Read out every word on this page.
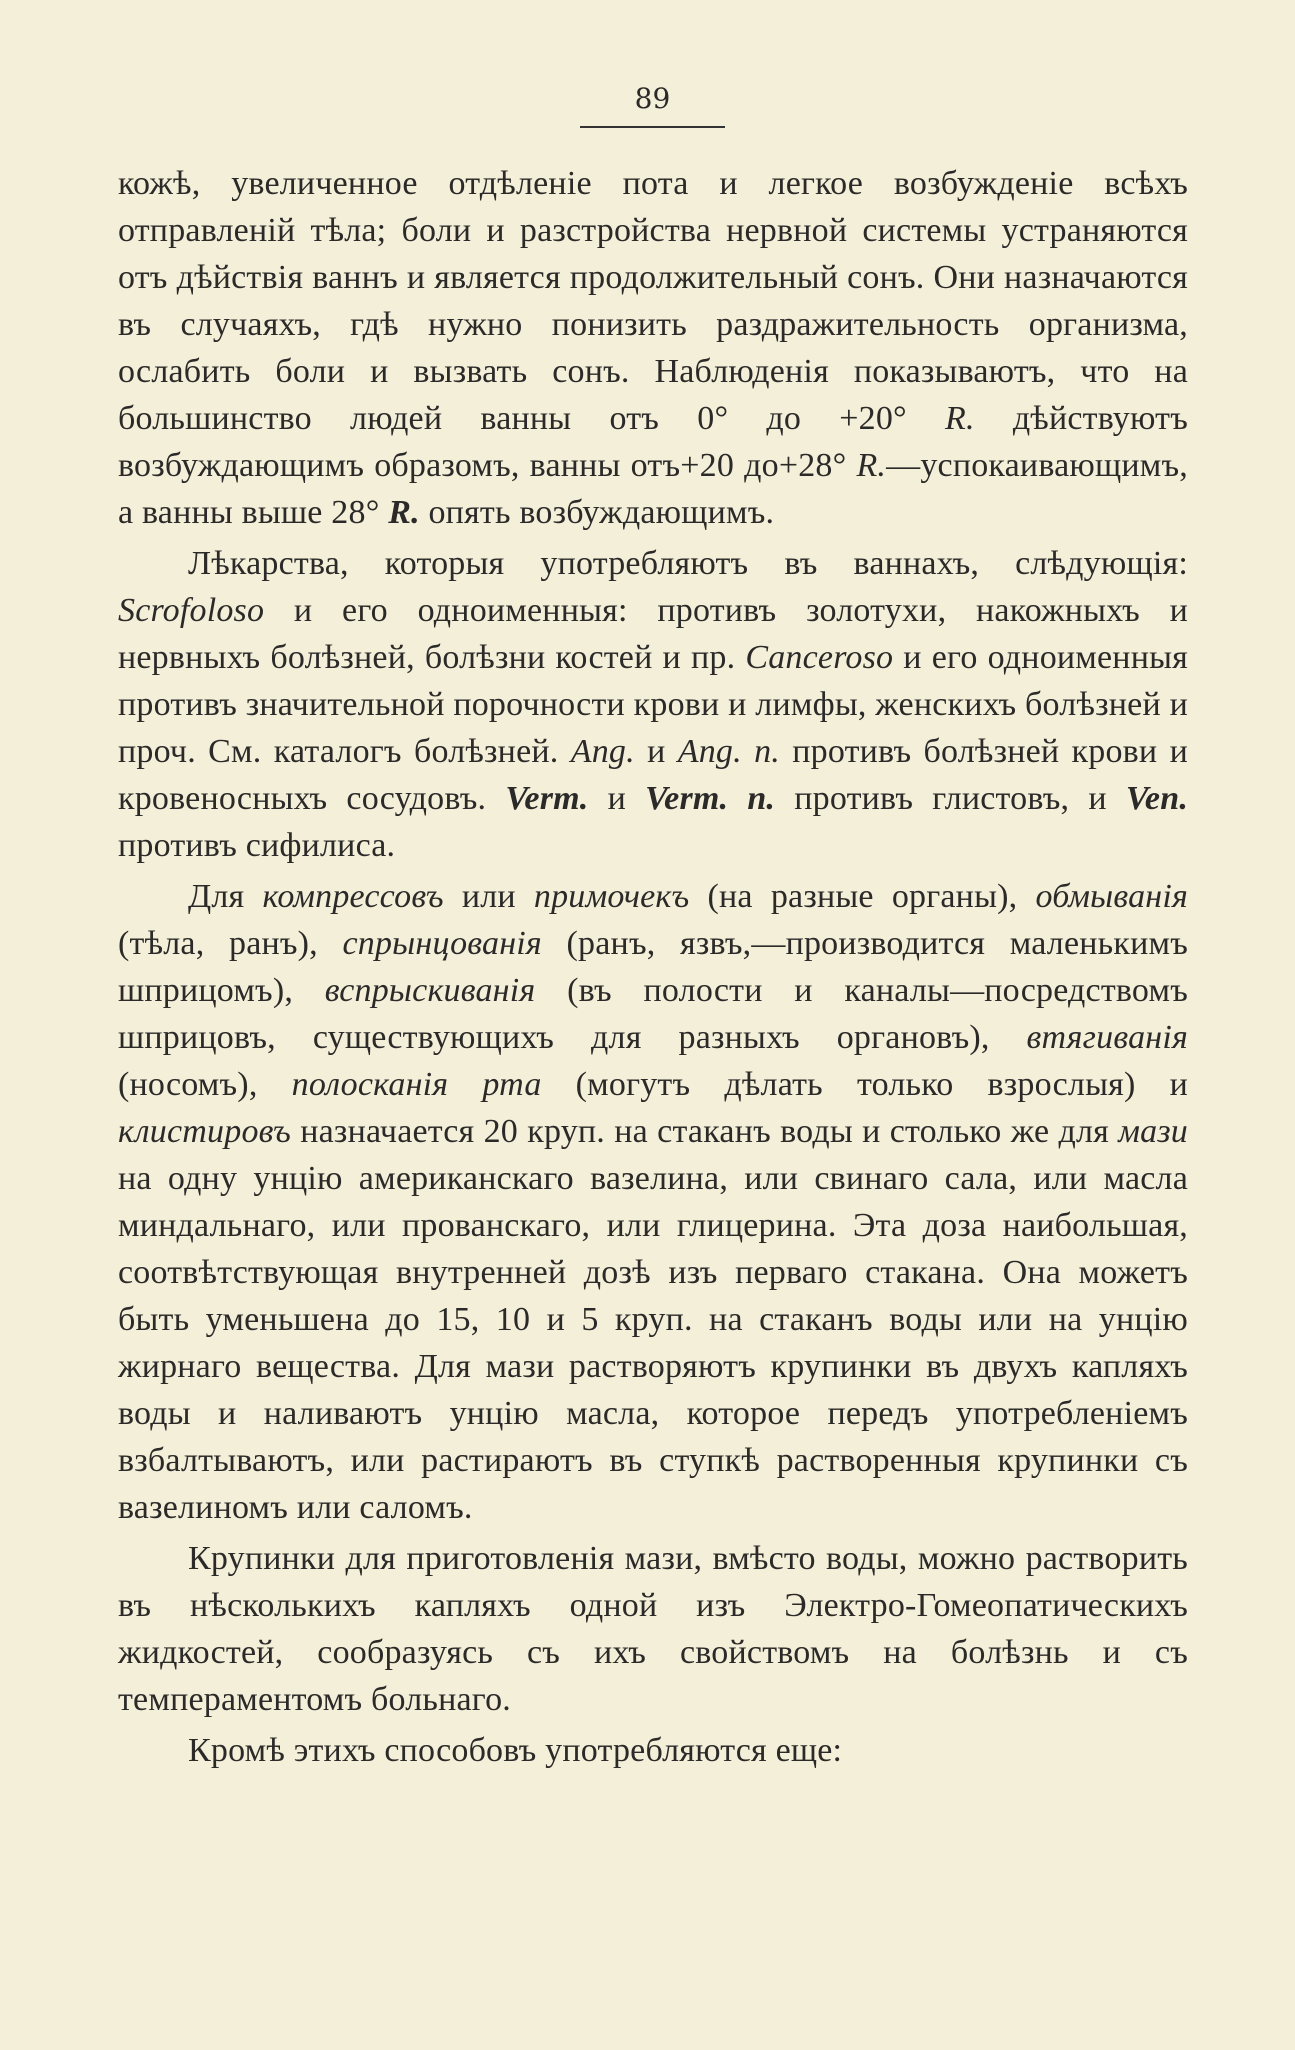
89

кожѣ, увеличенное отдѣленіе пота и легкое возбужденіе всѣхъ отправленій тѣла; боли и разстройства нервной системы устраняются отъ дѣйствія ваннъ и является продолжительный сонъ. Они назначаются въ случаяхъ, гдѣ нужно понизить раздражительность организма, ослабить боли и вызвать сонъ. Наблюденія показываютъ, что на большинство людей ванны отъ 0° до +20° R. дѣйствуютъ возбуждающимъ образомъ, ванны отъ+20 до+28° R.—успокаивающимъ, а ванны выше 28° R. опять возбуждающимъ.

Лѣкарства, которыя употребляютъ въ ваннахъ, слѣдующія: Scrofoloso и его одноименныя: противъ золотухи, накожныхъ и нервныхъ болѣзней, болѣзни костей и пр. Canceroso и его одноименныя противъ значительной порочности крови и лимфы, женскихъ болѣзней и проч. См. каталогъ болѣзней. Ang. и Ang. n. противъ болѣзней крови и кровеносныхъ сосудовъ. Verm. и Verm. n. противъ глистовъ, и Ven. противъ сифилиса.

Для компрессовъ или примочекъ (на разные органы), обмыванія (тѣла, ранъ), спрынцованія (ранъ, язвъ,—производится маленькимъ шприцомъ), вспрыскиванія (въ полости и каналы—посредствомъ шприцовъ, существующихъ для разныхъ органовъ), втягиванія (носомъ), полосканія рта (могутъ дѣлать только взрослыя) и клистировъ назначается 20 круп. на стаканъ воды и столько же для мази на одну унцію американскаго вазелина, или свинаго сала, или масла миндальнаго, или прованскаго, или глицерина. Эта доза наибольшая, соотвѣтствующая внутренней дозѣ изъ перваго стакана. Она можетъ быть уменьшена до 15, 10 и 5 круп. на стаканъ воды или на унцію жирнаго вещества. Для мази растворяютъ крупинки въ двухъ капляхъ воды и наливаютъ унцію масла, которое передъ употребленіемъ взбалтываютъ, или растираютъ въ ступкѣ растворенныя крупинки съ вазелиномъ или саломъ.

Крупинки для приготовленія мази, вмѣсто воды, можно растворить въ нѣсколькихъ капляхъ одной изъ Электро-Гомеопатическихъ жидкостей, сообразуясь съ ихъ свойствомъ на болѣзнь и съ темпераментомъ больнаго.

Кромѣ этихъ способовъ употребляются еще:
